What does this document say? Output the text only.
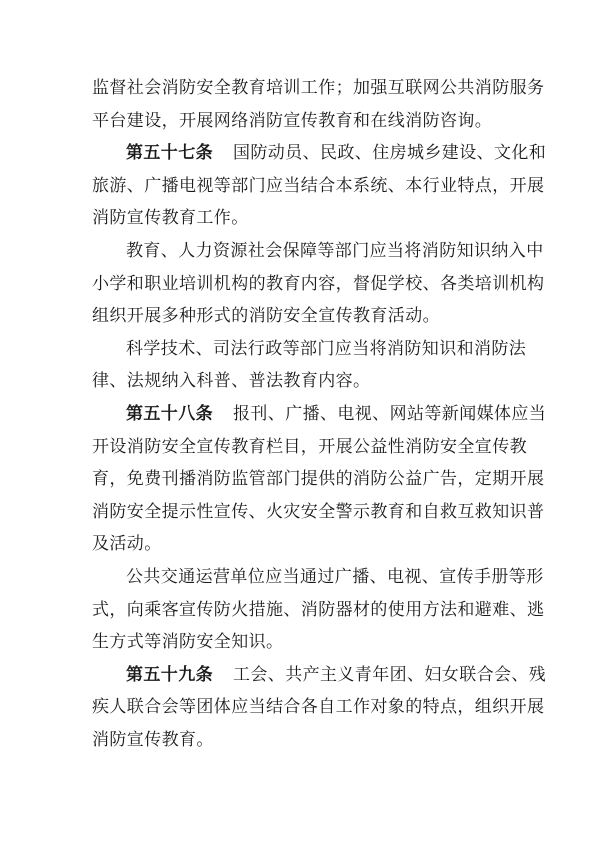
监督社会消防安全教育培训工作；加强互联网公共消防服务
平台建设，开展网络消防宣传教育和在线消防咨询。
第五十七条 国防动员、民政、住房城乡建设、文化和
旅游、广播电视等部门应当结合本系统、本行业特点，开展
消防宣传教育工作。
教育、人力资源社会保障等部门应当将消防知识纳入中
小学和职业培训机构的教育内容，督促学校、各类培训机构
组织开展多种形式的消防安全宣传教育活动。
科学技术、司法行政等部门应当将消防知识和消防法
律、法规纳入科普、普法教育内容。
第五十八条 报刊、广播、电视、网站等新闻媒体应当
开设消防安全宣传教育栏目，开展公益性消防安全宣传教
育，免费刊播消防监管部门提供的消防公益广告，定期开展
消防安全提示性宣传、火灾安全警示教育和自救互救知识普
及活动。
公共交通运营单位应当通过广播、电视、宣传手册等形
式，向乘客宣传防火措施、消防器材的使用方法和避难、逃
生方式等消防安全知识。
第五十九条 工会、共产主义青年团、妇女联合会、残
疾人联合会等团体应当结合各自工作对象的特点，组织开展
消防宣传教育。
